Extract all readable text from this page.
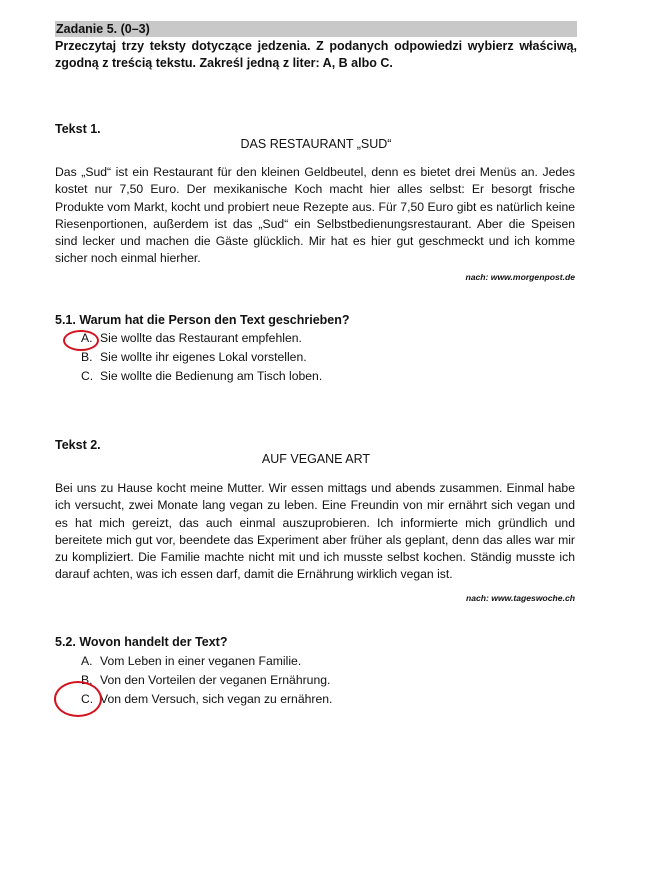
Zadanie 5. (0–3)
Przeczytaj trzy teksty dotyczące jedzenia. Z podanych odpowiedzi wybierz właściwą, zgodną z treścią tekstu. Zakreśl jedną z liter: A, B albo C.
Tekst 1.
DAS RESTAURANT „SUD“
Das „Sud“ ist ein Restaurant für den kleinen Geldbeutel, denn es bietet drei Menüs an. Jedes kostet nur 7,50 Euro. Der mexikanische Koch macht hier alles selbst: Er besorgt frische Produkte vom Markt, kocht und probiert neue Rezepte aus. Für 7,50 Euro gibt es natürlich keine Riesenportionen, außerdem ist das „Sud“ ein Selbstbedienungsrestaurant. Aber die Speisen sind lecker und machen die Gäste glücklich. Mir hat es hier gut geschmeckt und ich komme sicher noch einmal hierher.
nach: www.morgenpost.de
5.1. Warum hat die Person den Text geschrieben?
A. Sie wollte das Restaurant empfehlen.
B. Sie wollte ihr eigenes Lokal vorstellen.
C. Sie wollte die Bedienung am Tisch loben.
Tekst 2.
AUF VEGANE ART
Bei uns zu Hause kocht meine Mutter. Wir essen mittags und abends zusammen. Einmal habe ich versucht, zwei Monate lang vegan zu leben. Eine Freundin von mir ernährt sich vegan und es hat mich gereizt, das auch einmal auszuprobieren. Ich informierte mich gründlich und bereitete mich gut vor, beendete das Experiment aber früher als geplant, denn das alles war mir zu kompliziert. Die Familie machte nicht mit und ich musste selbst kochen. Ständig musste ich darauf achten, was ich essen darf, damit die Ernährung wirklich vegan ist.
nach: www.tageswoche.ch
5.2. Wovon handelt der Text?
A. Vom Leben in einer veganen Familie.
B. Von den Vorteilen der veganen Ernährung.
C. Von dem Versuch, sich vegan zu ernähren.
